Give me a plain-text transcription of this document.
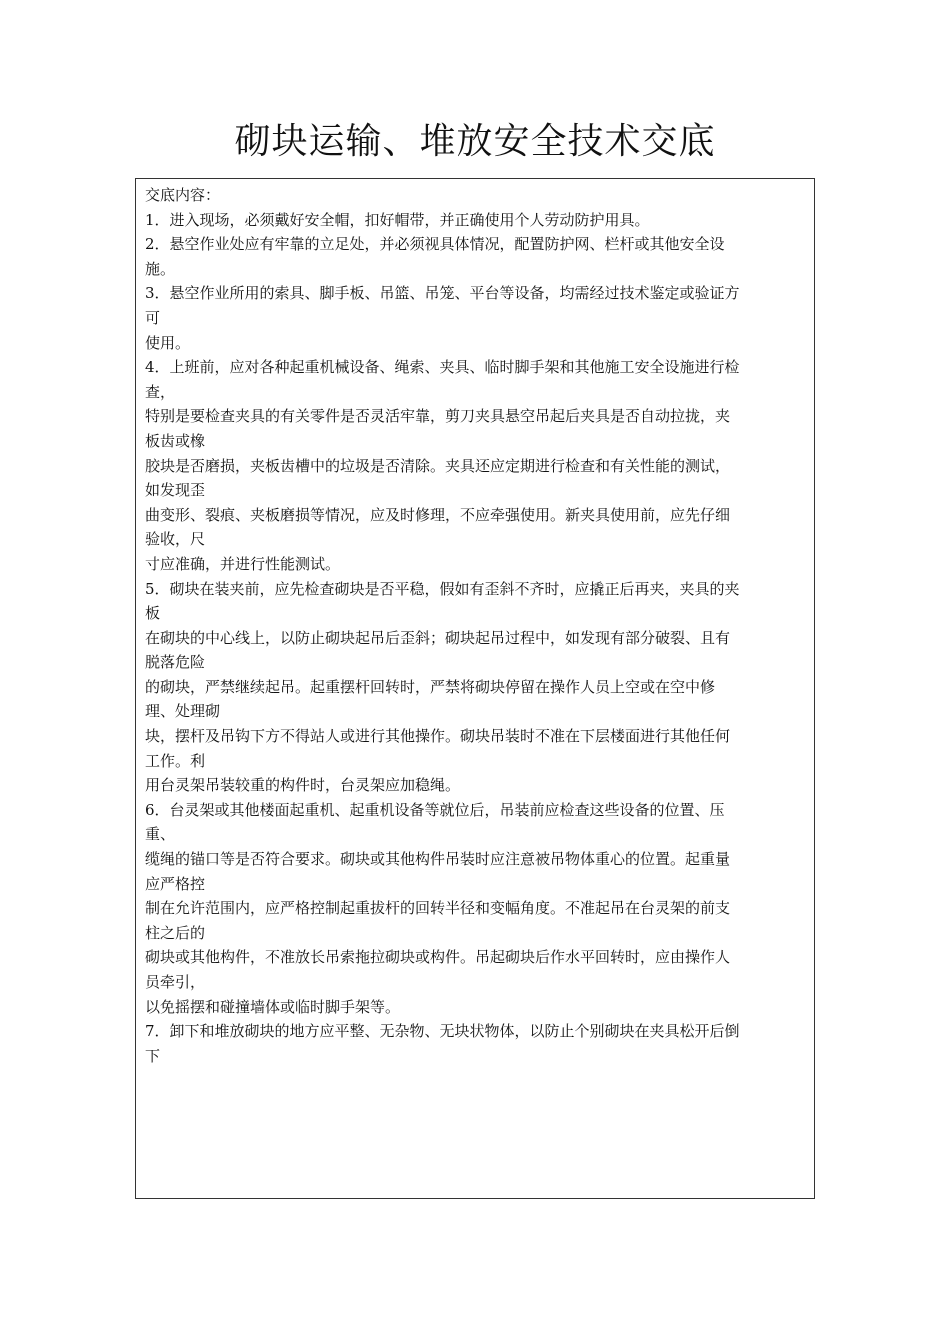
砌块运输、堆放安全技术交底
交底内容：
1．进入现场，必须戴好安全帽，扣好帽带，并正确使用个人劳动防护用具。
2．悬空作业处应有牢靠的立足处，并必须视具体情况，配置防护网、栏杆或其他安全设
施。
3．悬空作业所用的索具、脚手板、吊篮、吊笼、平台等设备，均需经过技术鉴定或验证方
可
使用。
4．上班前，应对各种起重机械设备、绳索、夹具、临时脚手架和其他施工安全设施进行检
查，
特别是要检查夹具的有关零件是否灵活牢靠，剪刀夹具悬空吊起后夹具是否自动拉拢，夹
板齿或橡
胶块是否磨损，夹板齿槽中的垃圾是否清除。夹具还应定期进行检查和有关性能的测试，
如发现歪
曲变形、裂痕、夹板磨损等情况，应及时修理，不应牵强使用。新夹具使用前，应先仔细
验收，尺
寸应准确，并进行性能测试。
5．砌块在装夹前，应先检查砌块是否平稳，假如有歪斜不齐时，应撬正后再夹，夹具的夹
板
在砌块的中心线上，以防止砌块起吊后歪斜；砌块起吊过程中，如发现有部分破裂、且有
脱落危险
的砌块，严禁继续起吊。起重摆杆回转时，严禁将砌块停留在操作人员上空或在空中修
理、处理砌
块，摆杆及吊钩下方不得站人或进行其他操作。砌块吊装时不准在下层楼面进行其他任何
工作。利
用台灵架吊装较重的构件时，台灵架应加稳绳。
6．台灵架或其他楼面起重机、起重机设备等就位后，吊装前应检查这些设备的位置、压
重、
缆绳的锚口等是否符合要求。砌块或其他构件吊装时应注意被吊物体重心的位置。起重量
应严格控
制在允许范围内，应严格控制起重拔杆的回转半径和变幅角度。不准起吊在台灵架的前支
柱之后的
砌块或其他构件，不准放长吊索拖拉砌块或构件。吊起砌块后作水平回转时，应由操作人
员牵引，
以免摇摆和碰撞墙体或临时脚手架等。
7．卸下和堆放砌块的地方应平整、无杂物、无块状物体，以防止个别砌块在夹具松开后倒
下
